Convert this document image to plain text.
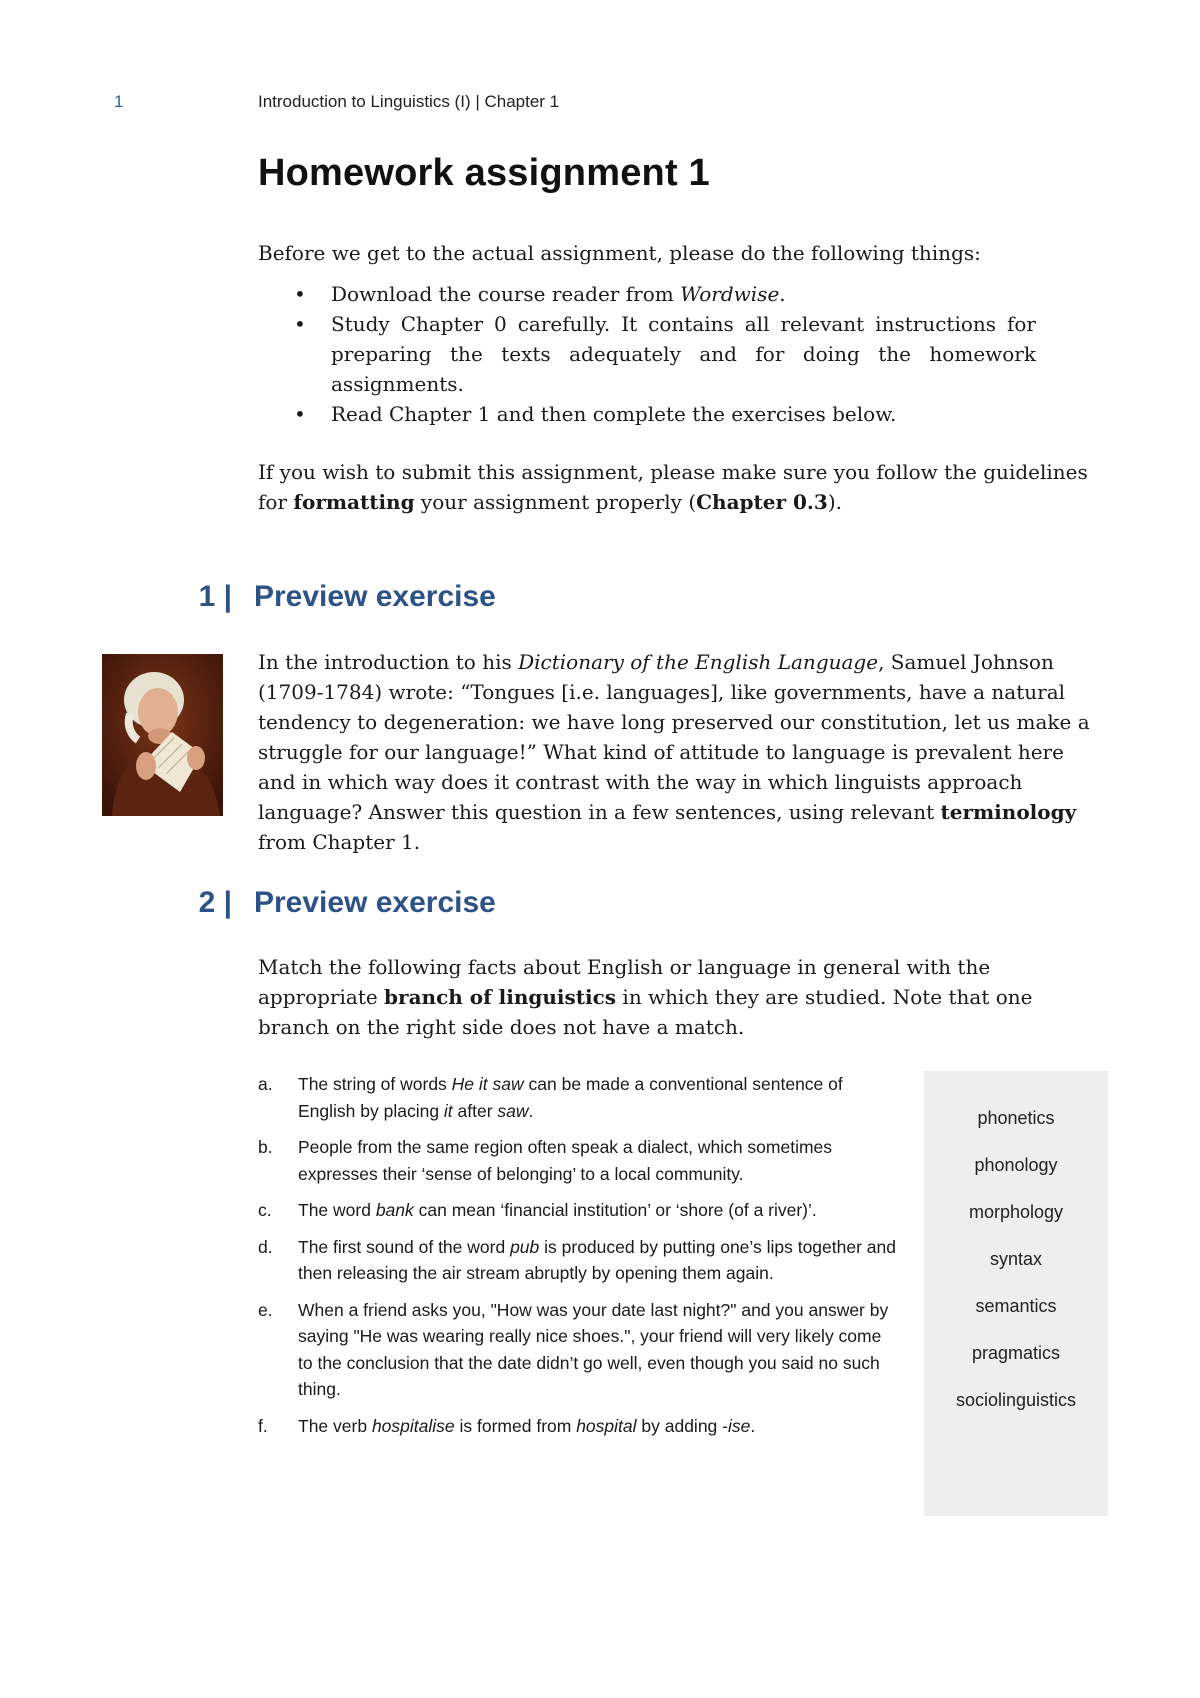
1	Introduction to Linguistics (I) | Chapter 1
Homework assignment 1

Before we get to the actual assignment, please do the following things:

• Download the course reader from Wordwise.
• Study Chapter 0 carefully. It contains all relevant instructions for preparing the texts adequately and for doing the homework assignments.
• Read Chapter 1 and then complete the exercises below.

If you wish to submit this assignment, please make sure you follow the guidelines for formatting your assignment properly (Chapter 0.3).

1 | Preview exercise

In the introduction to his Dictionary of the English Language, Samuel Johnson (1709-1784) wrote: “Tongues [i.e. languages], like governments, have a natural tendency to degeneration: we have long preserved our constitution, let us make a struggle for our language!” What kind of attitude to language is prevalent here and in which way does it contrast with the way in which linguists approach language? Answer this question in a few sentences, using relevant terminology from Chapter 1.

2 | Preview exercise

Match the following facts about English or language in general with the appropriate branch of linguistics in which they are studied. Note that one branch on the right side does not have a match.

a. The string of words He it saw can be made a conventional sentence of English by placing it after saw.
b. People from the same region often speak a dialect, which sometimes expresses their ‘sense of belonging’ to a local community.
c. The word bank can mean ‘financial institution’ or ‘shore (of a river)’.
d. The first sound of the word pub is produced by putting one’s lips together and then releasing the air stream abruptly by opening them again.
e. When a friend asks you, "How was your date last night?" and you answer by saying "He was wearing really nice shoes.", your friend will very likely come to the conclusion that the date didn’t go well, even though you said no such thing.
f. The verb hospitalise is formed from hospital by adding -ise.
phonetics
phonology
morphology
syntax
semantics
pragmatics
sociolinguistics
